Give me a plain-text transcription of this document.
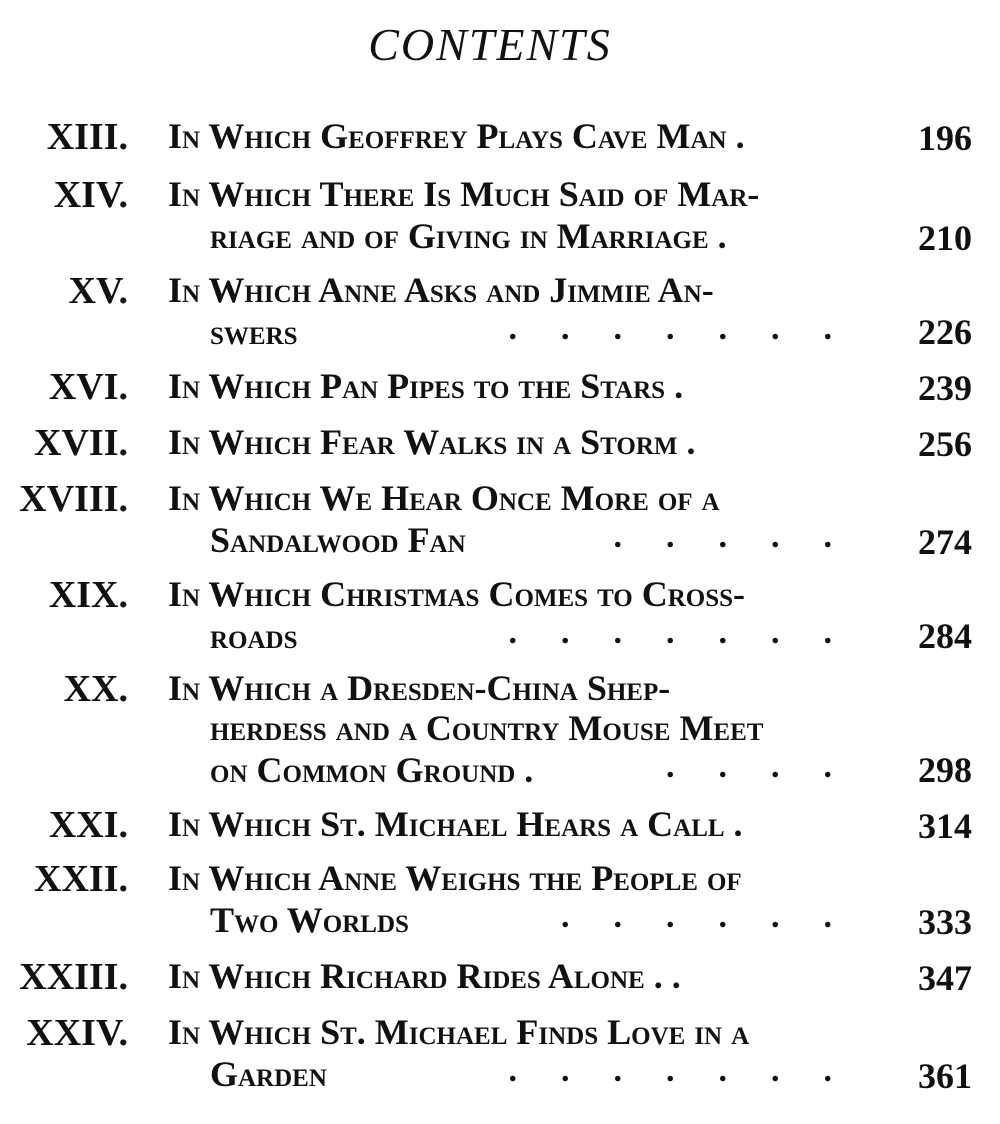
CONTENTS
XIII. In Which Geoffrey Plays Cave Man .	196
XIV. In Which There Is Much Said of Mar-
riage and of Giving in Marriage .	210
XV. In Which Anne Asks and Jimmie An-
swers	....... 226
XVI. In Which Pan Pipes to the Stars .	239
XVII. In Which Fear Walks in a Storm .	256
XVIII. In Which We Hear Once More of a
Sandalwood Fan	..... 274
XIX. In Which Christmas Comes to Cross-
roads	....... 284
XX. In Which a Dresden-China Shep-
herdess and a Country Mouse Meet
on Common Ground .	.... 298
XXI. In Which St. Michael Hears a Call .	314
XXII. In Which Anne Weighs the People of
Two Worlds	...... 333
XXIII. In Which Richard Rides Alone . .	347
XXIV. In Which St. Michael Finds Love in a
Garden	....... 361
